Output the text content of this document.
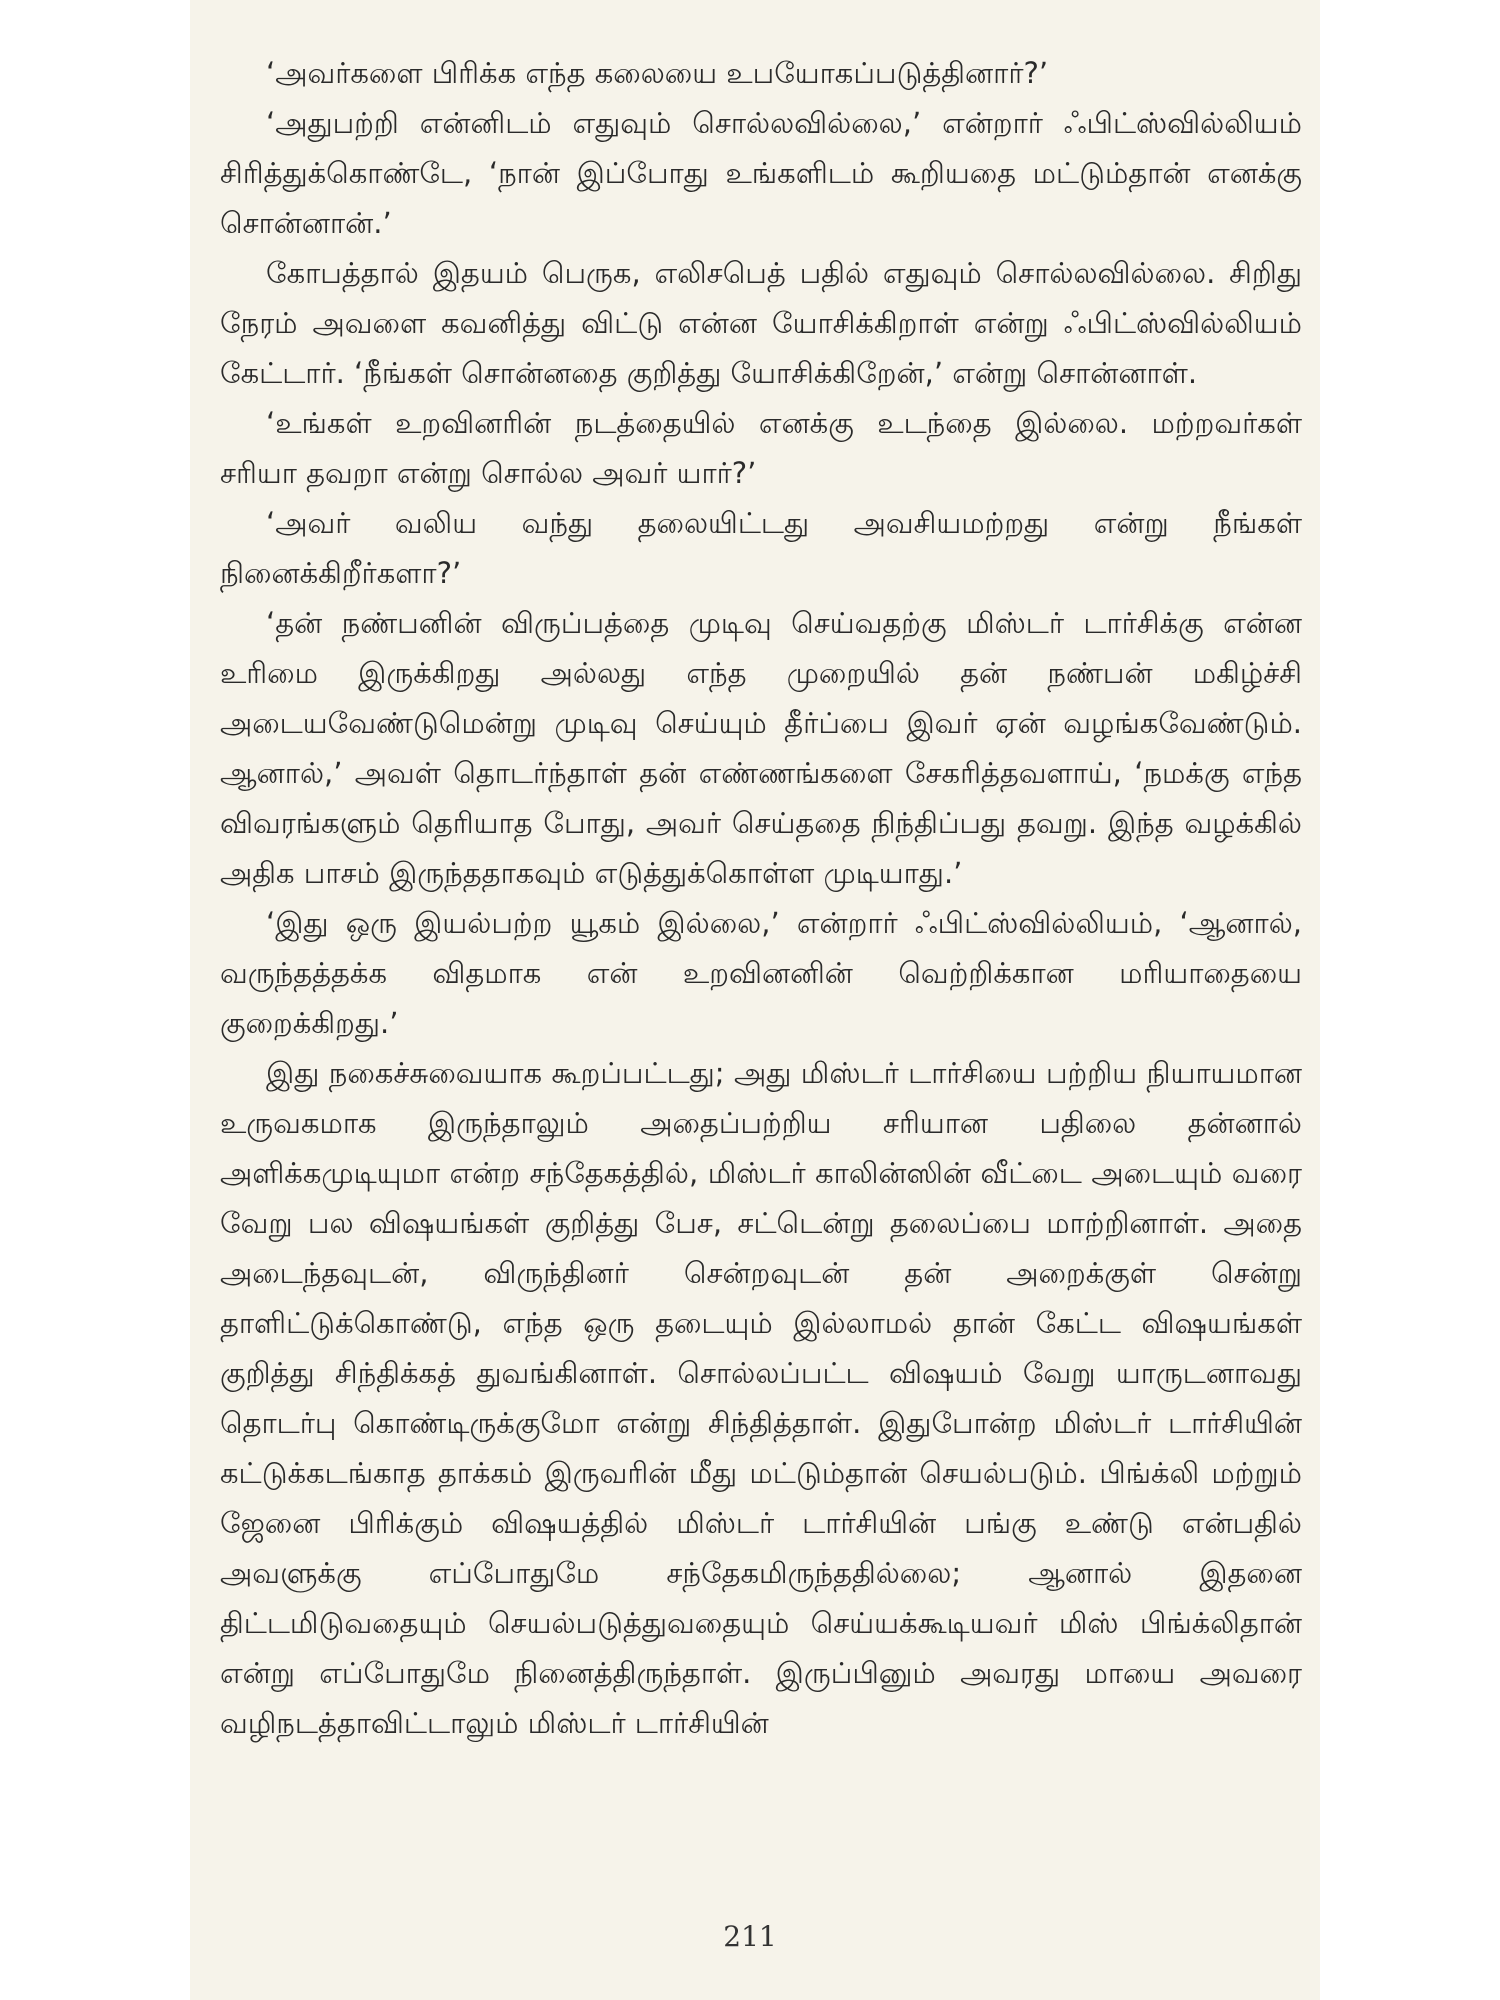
‘அவர்களை பிரிக்க எந்த கலையை உபயோகப்படுத்தினார்?’

‘அதுபற்றி என்னிடம் எதுவும் சொல்லவில்லை,’ என்றார் ஃபிட்ஸ்வில்லியம் சிரித்துக்கொண்டே, ‘நான் இப்போது உங்களிடம் கூறியதை மட்டும்தான் எனக்கு சொன்னான்.’

கோபத்தால் இதயம் பெருக, எலிசபெத் பதில் எதுவும் சொல்லவில்லை. சிறிது நேரம் அவளை கவனித்து விட்டு என்ன யோசிக்கிறாள் என்று ஃபிட்ஸ்வில்லியம் கேட்டார். ‘நீங்கள் சொன்னதை குறித்து யோசிக்கிறேன்,’ என்று சொன்னாள்.

‘உங்கள் உறவினரின் நடத்தையில் எனக்கு உடந்தை இல்லை. மற்றவர்கள் சரியா தவறா என்று சொல்ல அவர் யார்?’

‘அவர் வலிய வந்து தலையிட்டது அவசியமற்றது என்று நீங்கள் நினைக்கிறீர்களா?’

‘தன் நண்பனின் விருப்பத்தை முடிவு செய்வதற்கு மிஸ்டர் டார்சிக்கு என்ன உரிமை இருக்கிறது அல்லது எந்த முறையில் தன் நண்பன் மகிழ்ச்சி அடையவேண்டுமென்று முடிவு செய்யும் தீர்ப்பை இவர் ஏன் வழங்கவேண்டும். ஆனால்,’ அவள் தொடர்ந்தாள் தன் எண்ணங்களை சேகரித்தவளாய், ‘நமக்கு எந்த விவரங்களும் தெரியாத போது, அவர் செய்ததை நிந்திப்பது தவறு. இந்த வழக்கில் அதிக பாசம் இருந்ததாகவும் எடுத்துக்கொள்ள முடியாது.’

‘இது ஒரு இயல்பற்ற யூகம் இல்லை,’ என்றார் ஃபிட்ஸ்வில்லியம், ‘ஆனால், வருந்தத்தக்க விதமாக என் உறவினனின் வெற்றிக்கான மரியாதையை குறைக்கிறது.’

இது நகைச்சுவையாக கூறப்பட்டது; அது மிஸ்டர் டார்சியை பற்றிய நியாயமான உருவகமாக இருந்தாலும் அதைப்பற்றிய சரியான பதிலை தன்னால் அளிக்கமுடியுமா என்ற சந்தேகத்தில், மிஸ்டர் காலின்ஸின் வீட்டை அடையும் வரை வேறு பல விஷயங்கள் குறித்து பேச, சட்டென்று தலைப்பை மாற்றினாள். அதை அடைந்தவுடன், விருந்தினர் சென்றவுடன் தன் அறைக்குள் சென்று தாளிட்டுக்கொண்டு, எந்த ஒரு தடையும் இல்லாமல் தான் கேட்ட விஷயங்கள் குறித்து சிந்திக்கத் துவங்கினாள். சொல்லப்பட்ட விஷயம் வேறு யாருடனாவது தொடர்பு கொண்டிருக்குமோ என்று சிந்தித்தாள். இதுபோன்ற மிஸ்டர் டார்சியின் கட்டுக்கடங்காத தாக்கம் இருவரின் மீது மட்டும்தான் செயல்படும். பிங்க்லி மற்றும் ஜேனை பிரிக்கும் விஷயத்தில் மிஸ்டர் டார்சியின் பங்கு உண்டு என்பதில் அவளுக்கு எப்போதுமே சந்தேகமிருந்ததில்லை; ஆனால் இதனை திட்டமிடுவதையும் செயல்படுத்துவதையும் செய்யக்கூடியவர் மிஸ் பிங்க்லிதான் என்று எப்போதுமே நினைத்திருந்தாள். இருப்பினும் அவரது மாயை அவரை வழிநடத்தாவிட்டாலும் மிஸ்டர் டார்சியின்

211
